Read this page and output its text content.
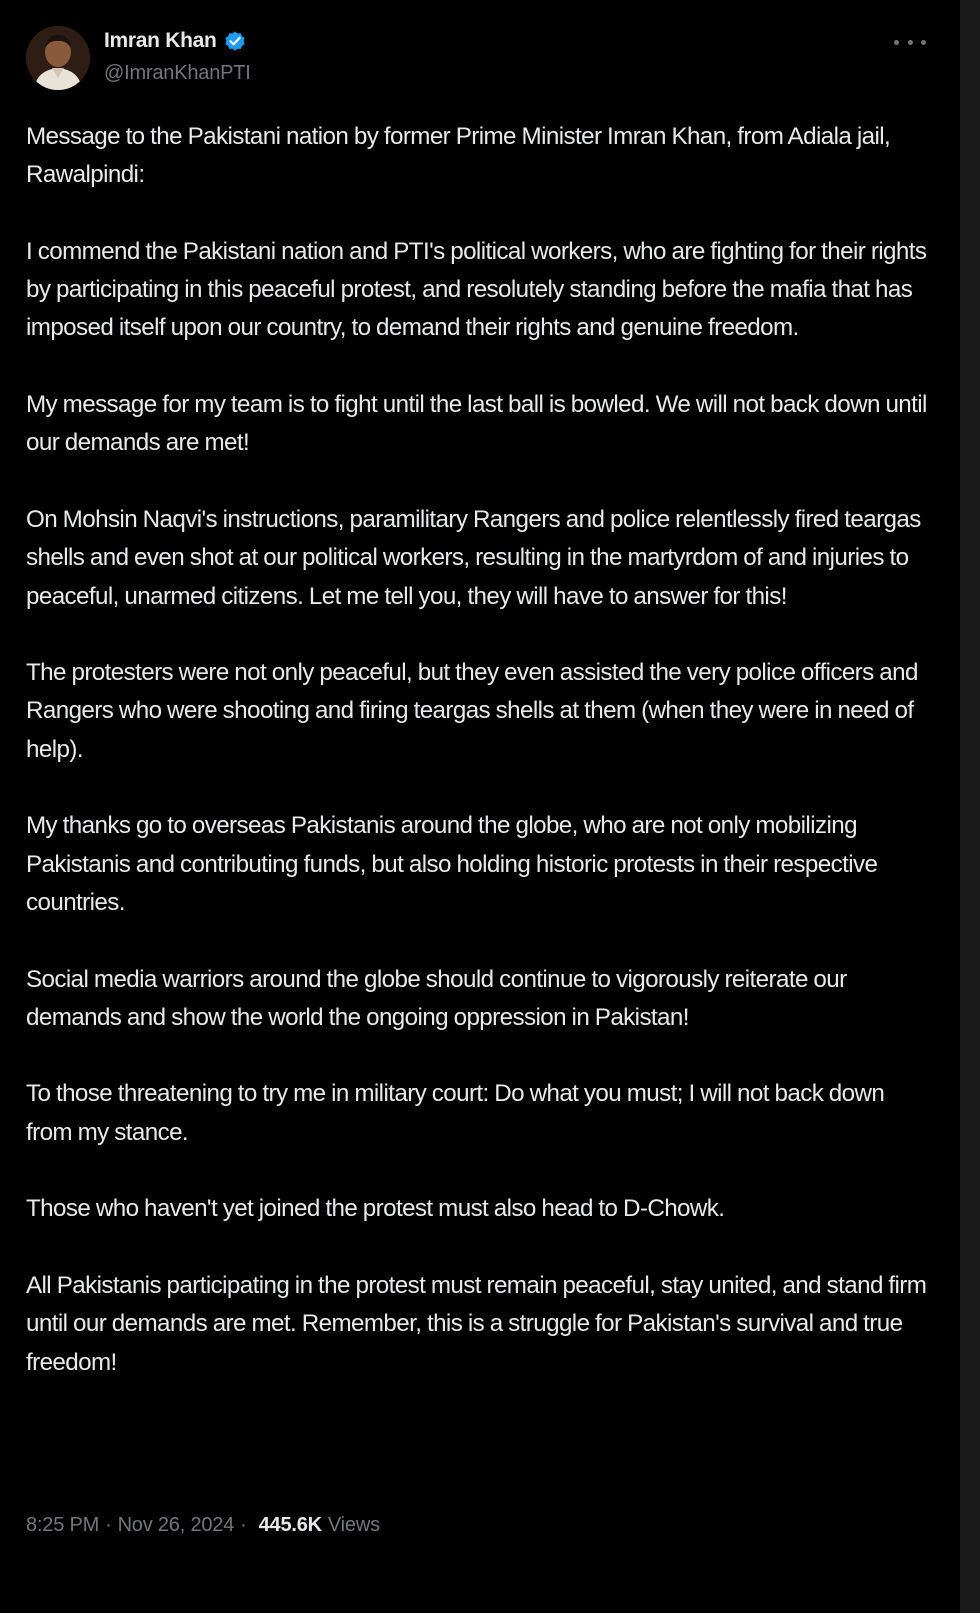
Imran Khan
@ImranKhanPTI

Message to the Pakistani nation by former Prime Minister Imran Khan, from Adiala jail, Rawalpindi:

I commend the Pakistani nation and PTI's political workers, who are fighting for their rights by participating in this peaceful protest, and resolutely standing before the mafia that has imposed itself upon our country, to demand their rights and genuine freedom.

My message for my team is to fight until the last ball is bowled. We will not back down until our demands are met!

On Mohsin Naqvi's instructions, paramilitary Rangers and police relentlessly fired teargas shells and even shot at our political workers, resulting in the martyrdom of and injuries to peaceful, unarmed citizens. Let me tell you, they will have to answer for this!

The protesters were not only peaceful, but they even assisted the very police officers and Rangers who were shooting and firing teargas shells at them (when they were in need of help).

My thanks go to overseas Pakistanis around the globe, who are not only mobilizing Pakistanis and contributing funds, but also holding historic protests in their respective countries.

Social media warriors around the globe should continue to vigorously reiterate our demands and show the world the ongoing oppression in Pakistan!

To those threatening to try me in military court: Do what you must; I will not back down from my stance.

Those who haven't yet joined the protest must also head to D-Chowk.

All Pakistanis participating in the protest must remain peaceful, stay united, and stand firm until our demands are met. Remember, this is a struggle for Pakistan's survival and true freedom!

8:25 PM · Nov 26, 2024 · 445.6K Views
